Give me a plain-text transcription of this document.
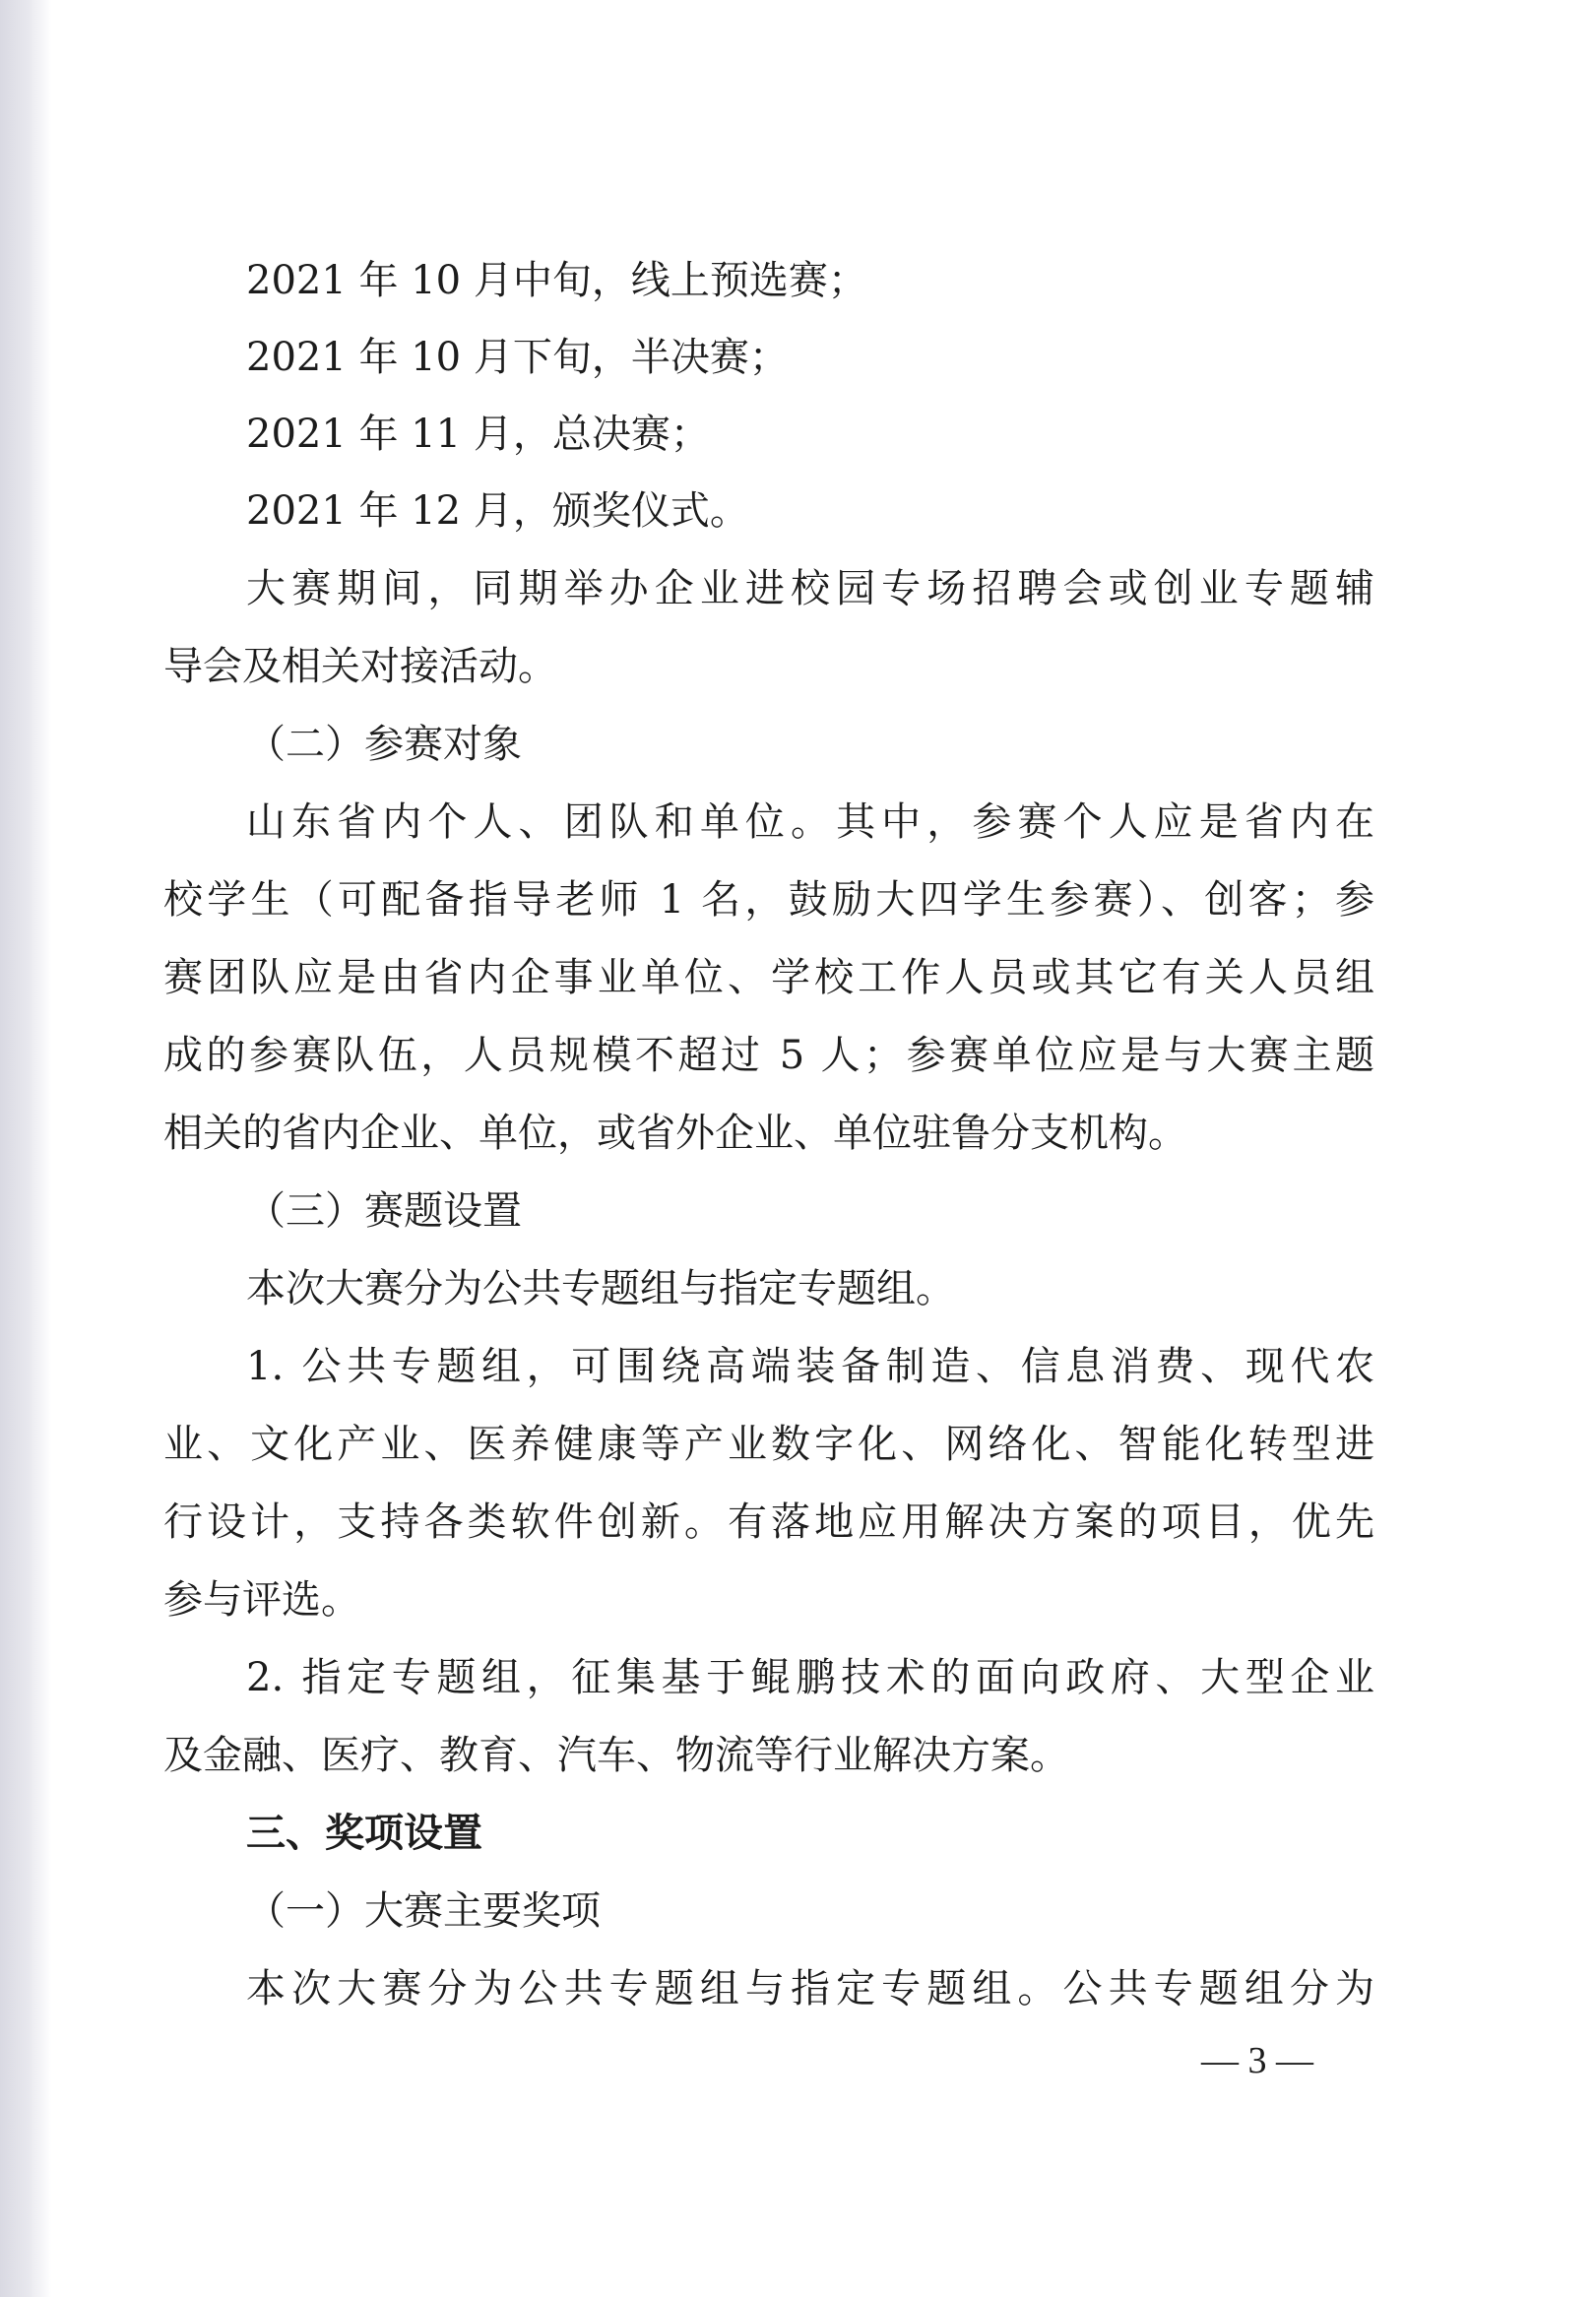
2021 年 10 月中旬，线上预选赛；
2021 年 10 月下旬，半决赛；
2021 年 11 月，总决赛；
2021 年 12 月，颁奖仪式。
大赛期间，同期举办企业进校园专场招聘会或创业专题辅
导会及相关对接活动。
（二）参赛对象
山东省内个人、团队和单位。其中，参赛个人应是省内在
校学生（可配备指导老师 1 名，鼓励大四学生参赛）、创客；参
赛团队应是由省内企事业单位、学校工作人员或其它有关人员组
成的参赛队伍，人员规模不超过 5 人；参赛单位应是与大赛主题
相关的省内企业、单位，或省外企业、单位驻鲁分支机构。
（三）赛题设置
本次大赛分为公共专题组与指定专题组。
1. 公共专题组，可围绕高端装备制造、信息消费、现代农
业、文化产业、医养健康等产业数字化、网络化、智能化转型进
行设计，支持各类软件创新。有落地应用解决方案的项目，优先
参与评选。
2. 指定专题组，征集基于鲲鹏技术的面向政府、大型企业
及金融、医疗、教育、汽车、物流等行业解决方案。
三、奖项设置
（一）大赛主要奖项
本次大赛分为公共专题组与指定专题组。公共专题组分为
— 3 —
